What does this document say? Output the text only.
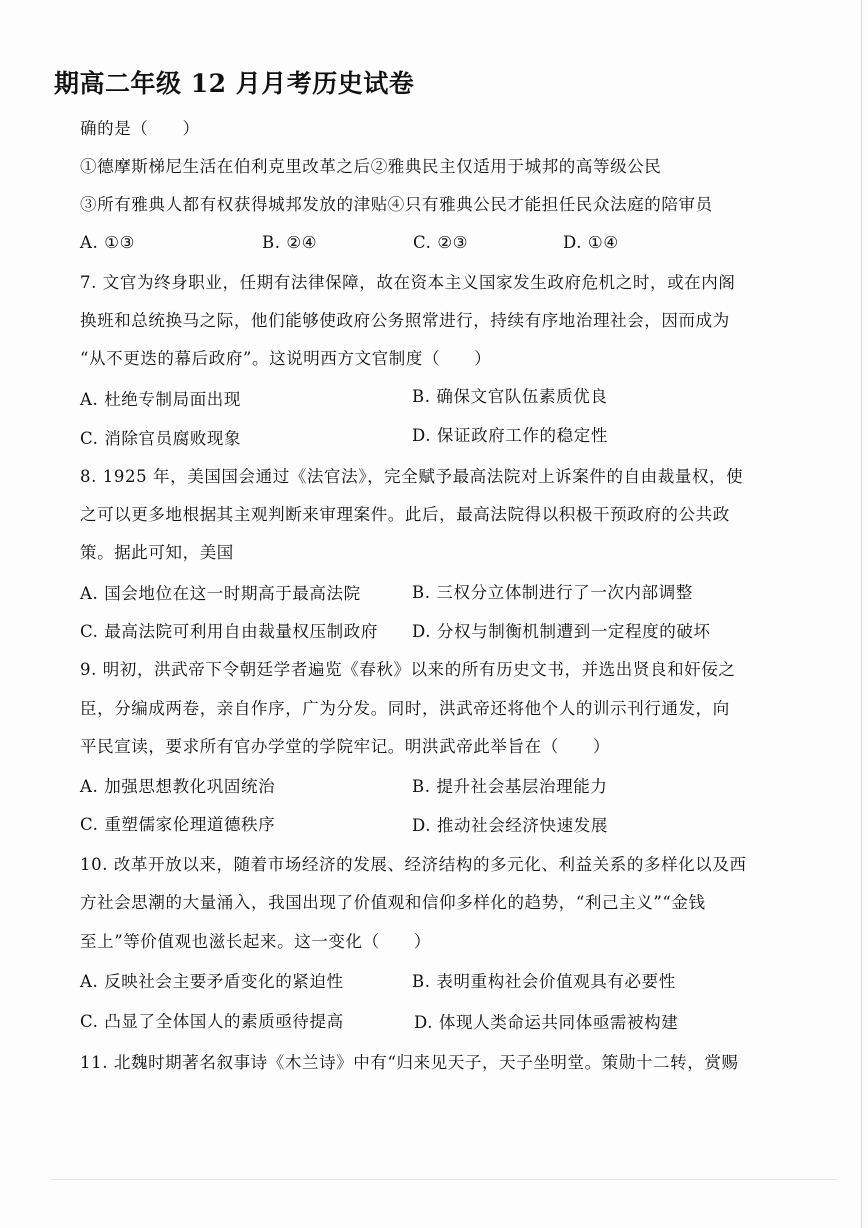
期高二年级 12 月月考历史试卷
确的是（　　）
①德摩斯梯尼生活在伯利克里改革之后②雅典民主仅适用于城邦的高等级公民
③所有雅典人都有权获得城邦发放的津贴④只有雅典公民才能担任民众法庭的陪审员
A. ①③	B. ②④	C. ②③	D. ①④
7. 文官为终身职业，任期有法律保障，故在资本主义国家发生政府危机之时，或在内阁
换班和总统换马之际，他们能够使政府公务照常进行，持续有序地治理社会，因而成为
“从不更迭的幕后政府”。这说明西方文官制度（　　）
A. 杜绝专制局面出现	B. 确保文官队伍素质优良
C. 消除官员腐败现象	D. 保证政府工作的稳定性
8. 1925 年，美国国会通过《法官法》，完全赋予最高法院对上诉案件的自由裁量权，使
之可以更多地根据其主观判断来审理案件。此后，最高法院得以积极干预政府的公共政
策。据此可知，美国
A. 国会地位在这一时期高于最高法院	B. 三权分立体制进行了一次内部调整
C. 最高法院可利用自由裁量权压制政府 D. 分权与制衡机制遭到一定程度的破坏
9. 明初，洪武帝下令朝廷学者遍览《春秋》以来的所有历史文书，并选出贤良和奸佞之
臣，分编成两卷，亲自作序，广为分发。同时，洪武帝还将他个人的训示刊行通发，向
平民宣读，要求所有官办学堂的学院牢记。明洪武帝此举旨在（　　）
A. 加强思想教化巩固统治	B. 提升社会基层治理能力
C. 重塑儒家伦理道德秩序	D. 推动社会经济快速发展
10. 改革开放以来，随着市场经济的发展、经济结构的多元化、利益关系的多样化以及西
方社会思潮的大量涌入，我国出现了价值观和信仰多样化的趋势，“利己主义”“金钱
至上”等价值观也滋长起来。这一变化（　　）
A. 反映社会主要矛盾变化的紧迫性	B. 表明重构社会价值观具有必要性
C. 凸显了全体国人的素质亟待提高	D. 体现人类命运共同体亟需被构建
11. 北魏时期著名叙事诗《木兰诗》中有“归来见天子，天子坐明堂。策勋十二转，赏赐
